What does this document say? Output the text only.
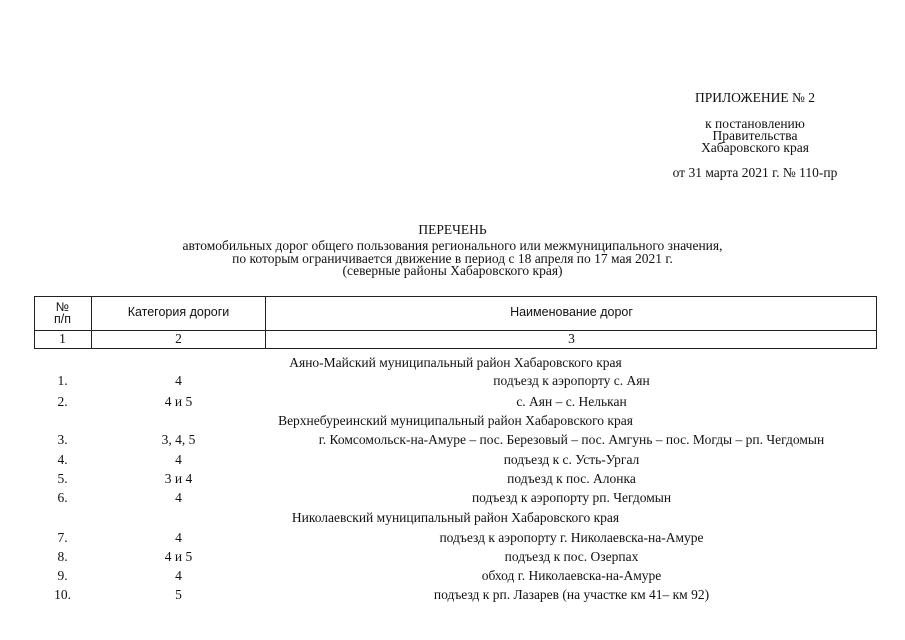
ПРИЛОЖЕНИЕ № 2
к постановлению
Правительства
Хабаровского края
от 31 марта 2021 г. № 110-пр
ПЕРЕЧЕНЬ
автомобильных дорог общего пользования регионального или межмуниципального значения,
по которым ограничивается движение в период с 18 апреля по 17 мая 2021 г.
(северные районы Хабаровского края)
№
п/п	Категория дороги	Наименование дорог
1	2	3
Аяно-Майский муниципальный район Хабаровского края
1.	4	подъезд к аэропорту с. Аян
2.	4 и 5	с. Аян – с. Нелькан
Верхнебуреинский муниципальный район Хабаровского края
3.	3, 4, 5	г. Комсомольск-на-Амуре – пос. Березовый – пос. Амгунь – пос. Могды – рп. Чегдомын
4.	4	подъезд к с. Усть-Ургал
5.	3 и 4	подъезд к пос. Алонка
6.	4	подъезд к аэропорту рп. Чегдомын
Николаевский муниципальный район Хабаровского края
7.	4	подъезд к аэропорту г. Николаевска-на-Амуре
8.	4 и 5	подъезд к пос. Озерпах
9.	4	обход г. Николаевска-на-Амуре
10.	5	подъезд к рп. Лазарев (на участке км 41– км 92)
